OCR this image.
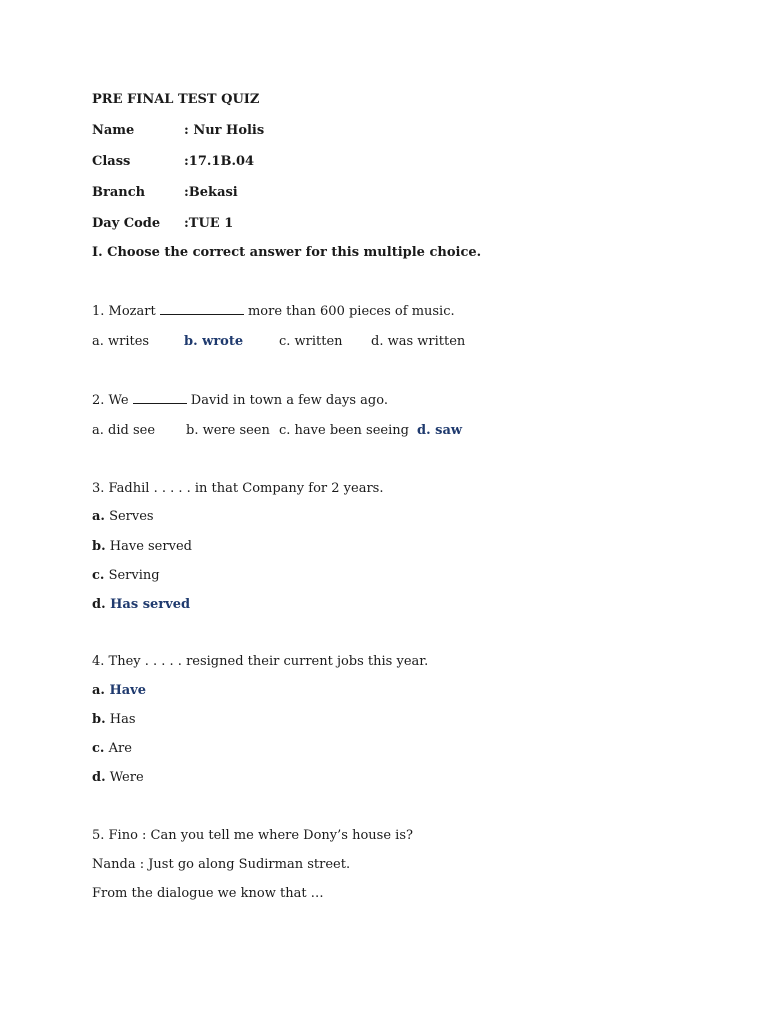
PRE FINAL TEST QUIZ
Name	: Nur Holis
Class	:17.1B.04
Branch	:Bekasi
Day Code :TUE 1
I. Choose the correct answer for this multiple choice.
1. Mozart	more than 600 pieces of music.
a. writes	b. wrote	c. written d. was written
2. We	David in town a few days ago.
a. did see b. were seen c. have been seeing d. saw
3. Fadhil . . . . . in that Company for 2 years.
a. Serves
b. Have served
c. Serving
d. Has served
4. They . . . . . resigned their current jobs this year.
a. Have
b. Has
c. Are
d. Were
5. Fino : Can you tell me where Dony’s house is?
Nanda : Just go along Sudirman street.
From the dialogue we know that …
